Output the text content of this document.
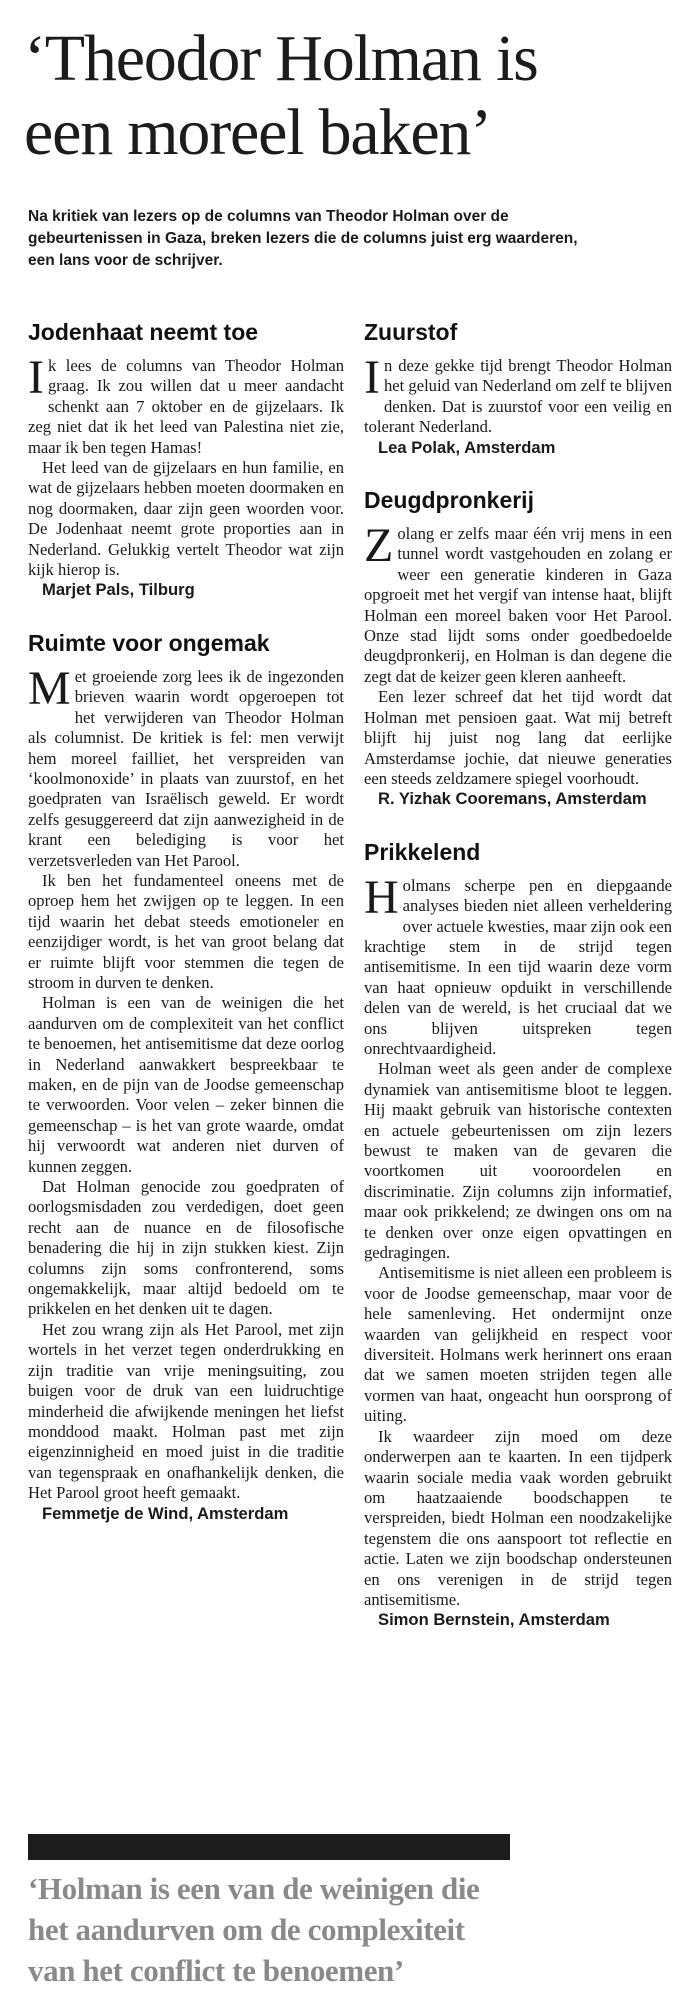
‘Theodor Holman is
een moreel baken’

Na kritiek van lezers op de columns van Theodor Holman over de gebeurtenissen in Gaza, breken lezers die de columns juist erg waarderen, een lans voor de schrijver.

Jodenhaat neemt toe

Ik lees de columns van Theodor Holman graag. Ik zou willen dat u meer aandacht schenkt aan 7 oktober en de gijzelaars. Ik zeg niet dat ik het leed van Palestina niet zie, maar ik ben tegen Hamas!

Het leed van de gijzelaars en hun familie, en wat de gijzelaars hebben moeten doormaken en nog doormaken, daar zijn geen woorden voor. De Jodenhaat neemt grote proporties aan in Nederland. Gelukkig vertelt Theodor wat zijn kijk hierop is.

Marjet Pals, Tilburg

Ruimte voor ongemak

Met groeiende zorg lees ik de ingezonden brieven waarin wordt opgeroepen tot het verwijderen van Theodor Holman als columnist. De kritiek is fel: men verwijt hem moreel failliet, het verspreiden van ‘koolmonoxide’ in plaats van zuurstof, en het goedpraten van Israëlisch geweld. Er wordt zelfs gesuggereerd dat zijn aanwezigheid in de krant een belediging is voor het verzetsverleden van Het Parool.

Ik ben het fundamenteel oneens met de oproep hem het zwijgen op te leggen. In een tijd waarin het debat steeds emotioneler en eenzijdiger wordt, is het van groot belang dat er ruimte blijft voor stemmen die tegen de stroom in durven te denken.

Holman is een van de weinigen die het aandurven om de complexiteit van het conflict te benoemen, het antisemitisme dat deze oorlog in Nederland aanwakkert bespreekbaar te maken, en de pijn van de Joodse gemeenschap te verwoorden. Voor velen – zeker binnen die gemeenschap – is het van grote waarde, omdat hij verwoordt wat anderen niet durven of kunnen zeggen.

Dat Holman genocide zou goedpraten of oorlogsmisdaden zou verdedigen, doet geen recht aan de nuance en de filosofische benadering die hij in zijn stukken kiest. Zijn columns zijn soms confronterend, soms ongemakkelijk, maar altijd bedoeld om te prikkelen en het denken uit te dagen.

Het zou wrang zijn als Het Parool, met zijn wortels in het verzet tegen onderdrukking en zijn traditie van vrije meningsuiting, zou buigen voor de druk van een luidruchtige minderheid die afwijkende meningen het liefst monddood maakt. Holman past met zijn eigenzinnigheid en moed juist in die traditie van tegenspraak en onafhankelijk denken, die Het Parool groot heeft gemaakt.

Femmetje de Wind, Amsterdam

Zuurstof

In deze gekke tijd brengt Theodor Holman het geluid van Nederland om zelf te blijven denken. Dat is zuurstof voor een veilig en tolerant Nederland.

Lea Polak, Amsterdam

Deugdpronkerij

Zolang er zelfs maar één vrij mens in een tunnel wordt vastgehouden en zolang er weer een generatie kinderen in Gaza opgroeit met het vergif van intense haat, blijft Holman een moreel baken voor Het Parool. Onze stad lijdt soms onder goedbedoelde deugdpronkerij, en Holman is dan degene die zegt dat de keizer geen kleren aanheeft.

Een lezer schreef dat het tijd wordt dat Holman met pensioen gaat. Wat mij betreft blijft hij juist nog lang dat eerlijke Amsterdamse jochie, dat nieuwe generaties een steeds zeldzamere spiegel voorhoudt.

R. Yizhak Cooremans, Amsterdam

Prikkelend

Holmans scherpe pen en diepgaande analyses bieden niet alleen verheldering over actuele kwesties, maar zijn ook een krachtige stem in de strijd tegen antisemitisme. In een tijd waarin deze vorm van haat opnieuw opduikt in verschillende delen van de wereld, is het cruciaal dat we ons blijven uitspreken tegen onrechtvaardigheid.

Holman weet als geen ander de complexe dynamiek van antisemitisme bloot te leggen. Hij maakt gebruik van historische contexten en actuele gebeurtenissen om zijn lezers bewust te maken van de gevaren die voortkomen uit vooroordelen en discriminatie. Zijn columns zijn informatief, maar ook prikkelend; ze dwingen ons om na te denken over onze eigen opvattingen en gedragingen.

Antisemitisme is niet alleen een probleem is voor de Joodse gemeenschap, maar voor de hele samenleving. Het ondermijnt onze waarden van gelijkheid en respect voor diversiteit. Holmans werk herinnert ons eraan dat we samen moeten strijden tegen alle vormen van haat, ongeacht hun oorsprong of uiting.

Ik waardeer zijn moed om deze onderwerpen aan te kaarten. In een tijdperk waarin sociale media vaak worden gebruikt om haatzaaiende boodschappen te verspreiden, biedt Holman een noodzakelijke tegenstem die ons aanspoort tot reflectie en actie. Laten we zijn boodschap ondersteunen en ons verenigen in de strijd tegen antisemitisme.

Simon Bernstein, Amsterdam

‘Holman is een van de weinigen die
het aandurven om de complexiteit
van het conflict te benoemen’
